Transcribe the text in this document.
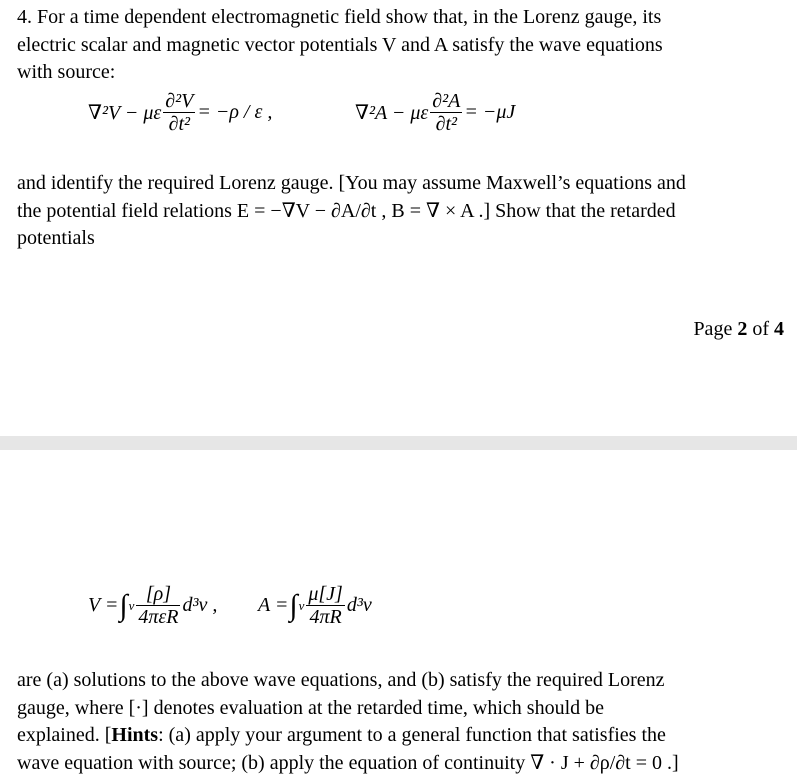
4. For a time dependent electromagnetic field show that, in the Lorenz gauge, its
electric scalar and magnetic vector potentials V and A satisfy the wave equations
with source:
∇²V − με $\frac{\text{∂²V}}{\text{∂t²}} = -\rho / \varepsilon$ ,	∇²A − με $\frac{\text{∂²A}}{\text{∂t²}} = -\mu J$
and identify the required Lorenz gauge. [You may assume Maxwell’s equations and
the potential field relations E = −∇V − ∂A/∂t , B = ∇ × A .] Show that the retarded
potentials
Page 2 of 4
V = ∫ v $\frac{[\rho]}{\text{4πεR}} d^3v$ , A = ∫ v $\frac{\mu[J]}{4\pi R} d^3v$
are (a) solutions to the above wave equations, and (b) satisfy the required Lorenz
gauge, where [·] denotes evaluation at the retarded time, which should be
explained. [Hints: (a) apply your argument to a general function that satisfies the
wave equation with source; (b) apply the equation of continuity ∇ · J + ∂ρ/∂t = 0 .]
